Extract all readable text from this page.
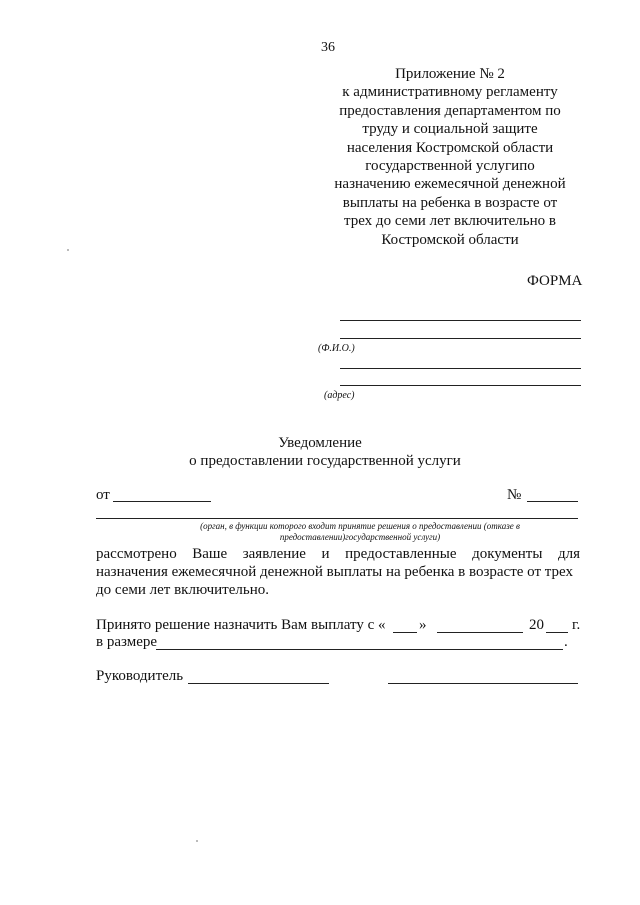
36
Приложение № 2
к административному регламенту
предоставления департаментом по
труду и социальной защите
населения Костромской области
государственной услугипо
назначению ежемесячной денежной
выплаты на ребенка в возрасте от
трех до семи лет включительно в
Костромской области
ФОРМА
(Ф.И.О.)
(адрес)
Уведомление
о предоставлении государственной услуги
от	№
(орган, в функции которого входит принятие решения о предоставлении (отказе в
предоставлении)государственной услуги)
рассмотрено Ваше заявление и предоставленные документы для
назначения ежемесячной денежной выплаты на ребенка в возрасте от трех
до семи лет включительно.
Принято решение назначить Вам выплату с « »	20 г.
в размере	.
Руководитель
